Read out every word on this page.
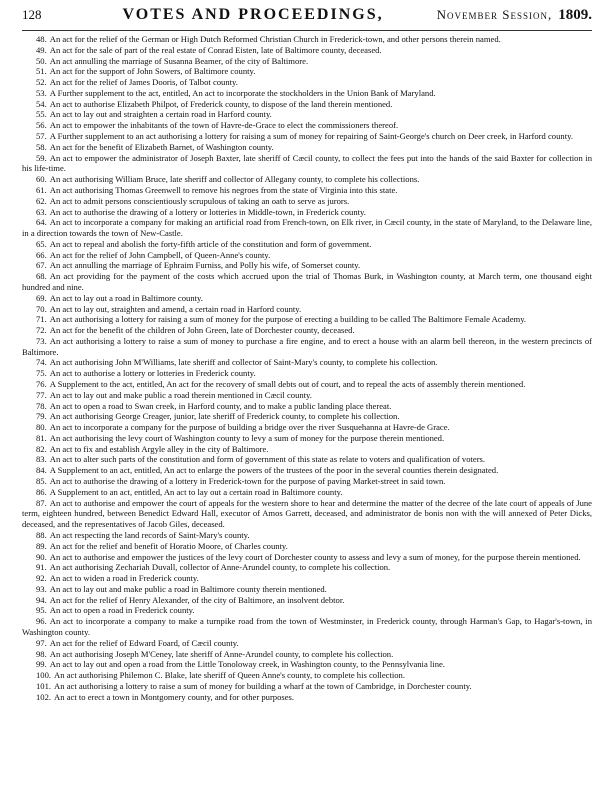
128	VOTES AND PROCEEDINGS,	November Session, 1809.
48. An act for the relief of the German or High Dutch Reformed Christian Church in Frederick-town, and other persons therein named.
49. An act for the sale of part of the real estate of Conrad Eisten, late of Baltimore county, deceased.
50. An act annulling the marriage of Susanna Beamer, of the city of Baltimore.
51. An act for the support of John Sowers, of Baltimore county.
52. An act for the relief of James Dooris, of Talbot county.
53. A Further supplement to the act, entitled, An act to incorporate the stockholders in the Union Bank of Maryland.
54. An act to authorise Elizabeth Philpot, of Frederick county, to dispose of the land therein mentioned.
55. An act to lay out and straighten a certain road in Harford county.
56. An act to empower the inhabitants of the town of Havre-de-Grace to elect the commissioners thereof.
57. A Further supplement to an act authorising a lottery for raising a sum of money for repairing of Saint-George's church on Deer creek, in Harford county.
58. An act for the benefit of Elizabeth Barnet, of Washington county.
59. An act to empower the administrator of Joseph Baxter, late sheriff of Cæcil county, to collect the fees put into the hands of the said Baxter for collection in his life-time.
60. An act authorising William Bruce, late sheriff and collector of Allegany county, to complete his collections.
61. An act authorising Thomas Greenwell to remove his negroes from the state of Virginia into this state.
62. An act to admit persons conscientiously scrupulous of taking an oath to serve as jurors.
63. An act to authorise the drawing of a lottery or lotteries in Middle-town, in Frederick county.
64. An act to incorporate a company for making an artificial road from French-town, on Elk river, in Cæcil county, in the state of Maryland, to the Delaware line, in a direction towards the town of New-Castle.
65. An act to repeal and abolish the forty-fifth article of the constitution and form of government.
66. An act for the relief of John Campbell, of Queen-Anne's county.
67. An act annulling the marriage of Ephraim Furniss, and Polly his wife, of Somerset county.
68. An act providing for the payment of the costs which accrued upon the trial of Thomas Burk, in Washington county, at March term, one thousand eight hundred and nine.
69. An act to lay out a road in Baltimore county.
70. An act to lay out, straighten and amend, a certain road in Harford county.
71. An act authorising a lottery for raising a sum of money for the purpose of erecting a building to be called The Baltimore Female Academy.
72. An act for the benefit of the children of John Green, late of Dorchester county, deceased.
73. An act authorising a lottery to raise a sum of money to purchase a fire engine, and to erect a house with an alarm bell thereon, in the western precincts of Baltimore.
74. An act authorising John M'Williams, late sheriff and collector of Saint-Mary's county, to complete his collection.
75. An act to authorise a lottery or lotteries in Frederick county.
76. A Supplement to the act, entitled, An act for the recovery of small debts out of court, and to repeal the acts of assembly therein mentioned.
77. An act to lay out and make public a road therein mentioned in Cæcil county.
78. An act to open a road to Swan creek, in Harford county, and to make a public landing place thereat.
79. An act authorising George Creager, junior, late sheriff of Frederick county, to complete his collection.
80. An act to incorporate a company for the purpose of building a bridge over the river Susquehanna at Havre-de Grace.
81. An act authorising the levy court of Washington county to levy a sum of money for the purpose therein mentioned.
82. An act to fix and establish Argyle alley in the city of Baltimore.
83. An act to alter such parts of the constitution and form of government of this state as relate to voters and qualification of voters.
84. A Supplement to an act, entitled, An act to enlarge the powers of the trustees of the poor in the several counties therein designated.
85. An act to authorise the drawing of a lottery in Frederick-town for the purpose of paving Market-street in said town.
86. A Supplement to an act, entitled, An act to lay out a certain road in Baltimore county.
87. An act to authorise and empower the court of appeals for the western shore to hear and determine the matter of the decree of the late court of appeals of June term, eighteen hundred, between Benedict Edward Hall, executor of Amos Garrett, deceased, and administrator de bonis non with the will annexed of Peter Dicks, deceased, and the representatives of Jacob Giles, deceased.
88. An act respecting the land records of Saint-Mary's county.
89. An act for the relief and benefit of Horatio Moore, of Charles county.
90. An act to authorise and empower the justices of the levy court of Dorchester county to assess and levy a sum of money, for the purpose therein mentioned.
91. An act authorising Zechariah Duvall, collector of Anne-Arundel county, to complete his collection.
92. An act to widen a road in Frederick county.
93. An act to lay out and make public a road in Baltimore county therein mentioned.
94. An act for the relief of Henry Alexander, of the city of Baltimore, an insolvent debtor.
95. An act to open a road in Frederick county.
96. An act to incorporate a company to make a turnpike road from the town of Westminster, in Frederick county, through Harman's Gap, to Hagar's-town, in Washington county.
97. An act for the relief of Edward Foard, of Cæcil county.
98. An act authorising Joseph M'Ceney, late sheriff of Anne-Arundel county, to complete his collection.
99. An act to lay out and open a road from the Little Tonoloway creek, in Washington county, to the Pennsylvania line.
100. An act authorising Philemon C. Blake, late sheriff of Queen Anne's county, to complete his collection.
101. An act authorising a lottery to raise a sum of money for building a wharf at the town of Cambridge, in Dorchester county.
102. An act to erect a town in Montgomery county, and for other purposes.
